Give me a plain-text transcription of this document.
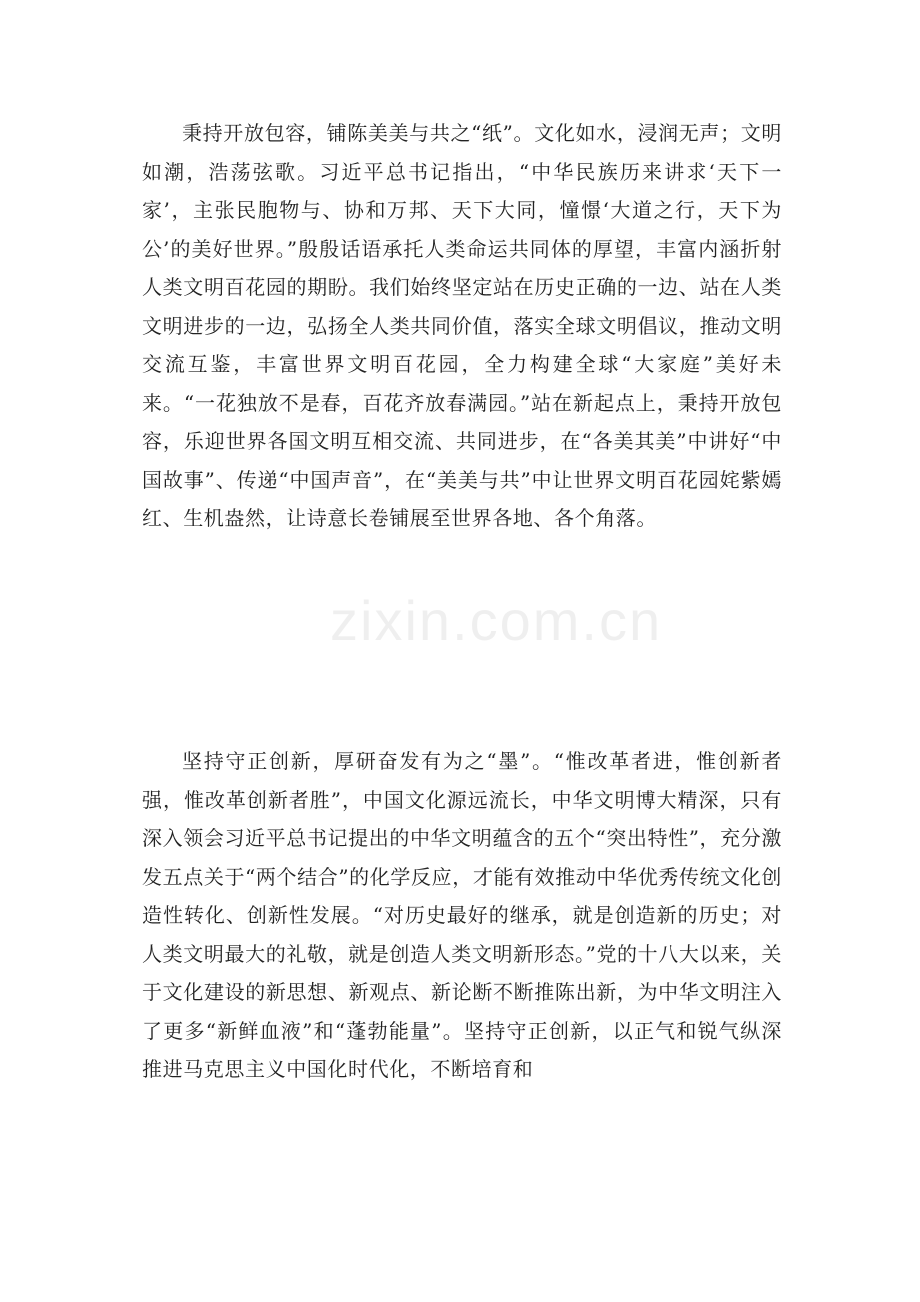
秉持开放包容，铺陈美美与共之“纸”。文化如水，浸润无声；文明如潮，浩荡弦歌。习近平总书记指出，“中华民族历来讲求‘天下一家’，主张民胞物与、协和万邦、天下大同，憧憬‘大道之行，天下为公’的美好世界。”殷殷话语承托人类命运共同体的厚望，丰富内涵折射人类文明百花园的期盼。我们始终坚定站在历史正确的一边、站在人类文明进步的一边，弘扬全人类共同价值，落实全球文明倡议，推动文明交流互鉴，丰富世界文明百花园，全力构建全球“大家庭”美好未来。“一花独放不是春，百花齐放春满园。”站在新起点上，秉持开放包容，乐迎世界各国文明互相交流、共同进步，在“各美其美”中讲好“中国故事”、传递“中国声音”，在“美美与共”中让世界文明百花园姹紫嫣红、生机盎然，让诗意长卷铺展至世界各地、各个角落。

zixin.com.cn

坚持守正创新，厚研奋发有为之“墨”。“惟改革者进，惟创新者强，惟改革创新者胜”，中国文化源远流长，中华文明博大精深，只有深入领会习近平总书记提出的中华文明蕴含的五个“突出特性”，充分激发五点关于“两个结合”的化学反应，才能有效推动中华优秀传统文化创造性转化、创新性发展。“对历史最好的继承，就是创造新的历史；对人类文明最大的礼敬，就是创造人类文明新形态。”党的十八大以来，关于文化建设的新思想、新观点、新论断不断推陈出新，为中华文明注入了更多“新鲜血液”和“蓬勃能量”。坚持守正创新，以正气和锐气纵深推进马克思主义中国化时代化，不断培育和
